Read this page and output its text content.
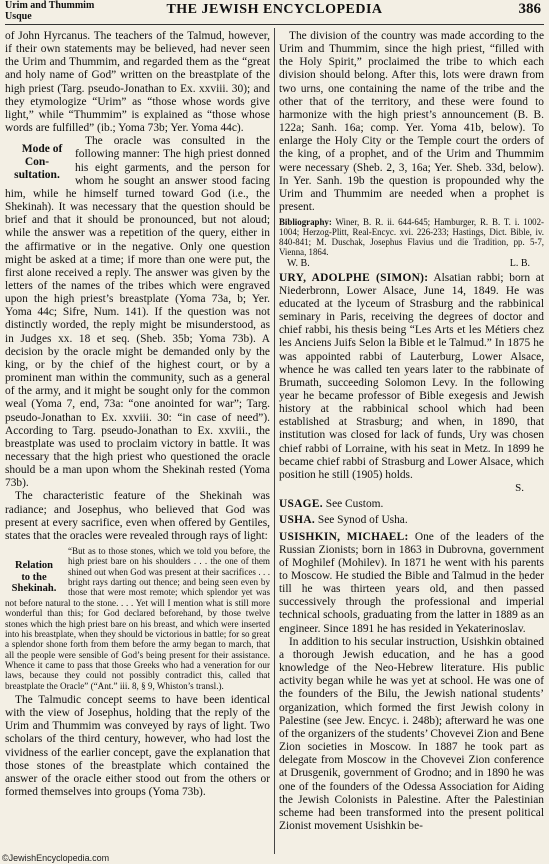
Urim and Thummim
Usque	THE JEWISH ENCYCLOPEDIA	386

of John Hyrcanus. The teachers of the Talmud, however, if their own statements may be believed, had never seen the Urim and Thummim, and regarded them as the “great and holy name of God” written on the breastplate of the high priest (Targ. pseudo-Jonathan to Ex. xxviii. 30); and they etymologize “Urim” as “those whose words give light,” while “Thummim” is explained as “those whose words are fulfilled” (ib.; Yoma 73b; Yer. Yoma 44c).

Mode of
Con-
sultation.
The oracle was consulted in the following manner: The high priest donned his eight garments, and the person for whom he sought an answer stood facing him, while he himself turned toward God (i.e., the Shekinah). It was necessary that the question should be brief and that it should be pronounced, but not aloud; while the answer was a repetition of the query, either in the affirmative or in the negative. Only one question might be asked at a time; if more than one were put, the first alone received a reply. The answer was given by the letters of the names of the tribes which were engraved upon the high priest’s breastplate (Yoma 73a, b; Yer. Yoma 44c; Sifre, Num. 141). If the question was not distinctly worded, the reply might be misunderstood, as in Judges xx. 18 et seq. (Sheb. 35b; Yoma 73b). A decision by the oracle might be demanded only by the king, or by the chief of the highest court, or by a prominent man within the community, such as a general of the army, and it might be sought only for the common weal (Yoma 7, end, 73a: “one anointed for war”; Targ. pseudo-Jonathan to Ex. xxviii. 30: “in case of need”). According to Targ. pseudo-Jonathan to Ex. xxviii., the breastplate was used to proclaim victory in battle. It was necessary that the high priest who questioned the oracle should be a man upon whom the Shekinah rested (Yoma 73b).

The characteristic feature of the Shekinah was radiance; and Josephus, who believed that God was present at every sacrifice, even when offered by Gentiles, states that the oracles were revealed through rays of light:

Relation
to the
Shekinah.
“But as to those stones, which we told you before, the high priest bare on his shoulders . . . the one of them shined out when God was present at their sacrifices . . . bright rays darting out thence; and being seen even by those that were most remote; which splendor yet was not before natural to the stone. . . . Yet will I mention what is still more wonderful than this; for God declared beforehand, by those twelve stones which the high priest bare on his breast, and which were inserted into his breastplate, when they should be victorious in battle; for so great a splendor shone forth from them before the army began to march, that all the people were sensible of God’s being present for their assistance. Whence it came to pass that those Greeks who had a veneration for our laws, because they could not possibly contradict this, called that breastplate the Oracle” (“Ant.” iii. 8, § 9, Whiston’s transl.).

The Talmudic concept seems to have been identical with the view of Josephus, holding that the reply of the Urim and Thummim was conveyed by rays of light. Two scholars of the third century, however, who had lost the vividness of the earlier concept, gave the explanation that those stones of the breastplate which contained the answer of the oracle either stood out from the others or formed themselves into groups (Yoma 73b).

The division of the country was made according to the Urim and Thummim, since the high priest, “filled with the Holy Spirit,” proclaimed the tribe to which each division should belong. After this, lots were drawn from two urns, one containing the name of the tribe and the other that of the territory, and these were found to harmonize with the high priest’s announcement (B. B. 122a; Sanh. 16a; comp. Yer. Yoma 41b, below). To enlarge the Holy City or the Temple court the orders of the king, of a prophet, and of the Urim and Thummim were necessary (Sheb. 2, 3, 16a; Yer. Sheb. 33d, below). In Yer. Sanh. 19b the question is propounded why the Urim and Thummim are needed when a prophet is present.

Bibliography: Winer, B. R. ii. 644-645; Hamburger, R. B. T. i. 1002-1004; Herzog-Plitt, Real-Encyc. xvi. 226-233; Hastings, Dict. Bible, iv. 840-841; M. Duschak, Josephus Flavius und die Tradition, pp. 5-7, Vienna, 1864.
W. B.	L. B.

URY, ADOLPHE (SIMON): Alsatian rabbi; born at Niederbronn, Lower Alsace, June 14, 1849. He was educated at the lyceum of Strasburg and the rabbinical seminary in Paris, receiving the degrees of doctor and chief rabbi, his thesis being “Les Arts et les Métiers chez les Anciens Juifs Selon la Bible et le Talmud.” In 1875 he was appointed rabbi of Lauterburg, Lower Alsace, whence he was called ten years later to the rabbinate of Brumath, succeeding Solomon Levy. In the following year he became professor of Bible exegesis and Jewish history at the rabbinical school which had been established at Strasburg; and when, in 1890, that institution was closed for lack of funds, Ury was chosen chief rabbi of Lorraine, with his seat in Metz. In 1899 he became chief rabbi of Strasburg and Lower Alsace, which position he still (1905) holds.

S.

USAGE. See Custom.

USHA. See Synod of Usha.

USISHKIN, MICHAEL: One of the leaders of the Russian Zionists; born in 1863 in Dubrovna, government of Moghilef (Mohilev). In 1871 he went with his parents to Moscow. He studied the Bible and Talmud in the ḥeder till he was thirteen years old, and then passed successively through the professional and imperial technical schools, graduating from the latter in 1889 as an engineer. Since 1891 he has resided in Yekaterinoslav.

In addition to his secular instruction, Usishkin obtained a thorough Jewish education, and he has a good knowledge of the Neo-Hebrew literature. His public activity began while he was yet at school. He was one of the founders of the Bilu, the Jewish national students’ organization, which formed the first Jewish colony in Palestine (see Jew. Encyc. i. 248b); afterward he was one of the organizers of the students’ Chovevei Zion and Bene Zion societies in Moscow. In 1887 he took part as delegate from Moscow in the Chovevei Zion conference at Drusgenik, government of Grodno; and in 1890 he was one of the founders of the Odessa Association for Aiding the Jewish Colonists in Palestine. After the Palestinian scheme had been transformed into the present political Zionist movement Usishkin be-

©JewishEncyclopedia.com
